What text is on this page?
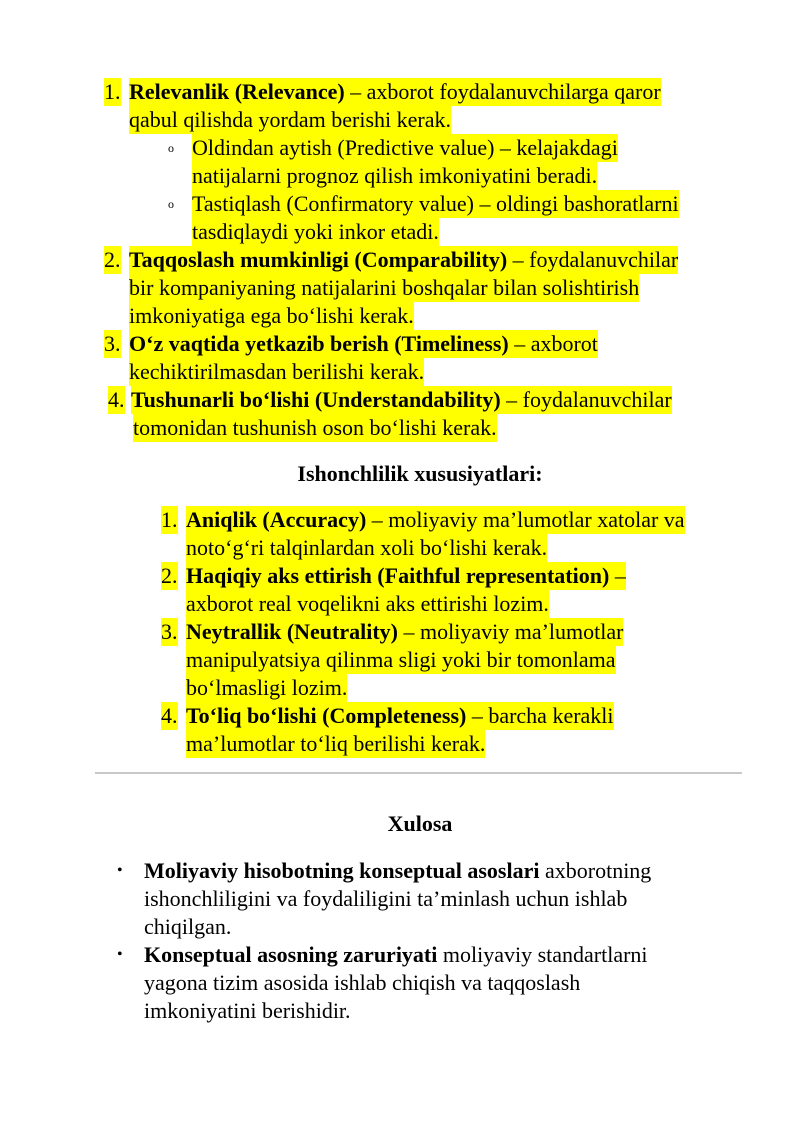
1. Relevanlik (Relevance) – axborot foydalanuvchilarga qaror
qabul qilishda yordam berishi kerak.
o Oldindan aytish (Predictive value) – kelajakdagi
natijalarni prognoz qilish imkoniyatini beradi.
o Tastiqlash (Confirmatory value) – oldingi bashoratlarni
tasdiqlaydi yoki inkor etadi.
2. Taqqoslash mumkinligi (Comparability) – foydalanuvchilar
bir kompaniyaning natijalarini boshqalar bilan solishtirish
imkoniyatiga ega bo‘lishi kerak.
3. O‘z vaqtida yetkazib berish (Timeliness) – axborot
kechiktirilmasdan berilishi kerak.
4. Tushunarli bo‘lishi (Understandability) – foydalanuvchilar
tomonidan tushunish oson bo‘lishi kerak.
Ishonchlilik xususiyatlari:
1. Aniqlik (Accuracy) – moliyaviy ma’lumotlar xatolar va
noto‘g‘ri talqinlardan xoli bo‘lishi kerak.
2. Haqiqiy aks ettirish (Faithful representation) –
axborot real voqelikni aks ettirishi lozim.
3. Neytrallik (Neutrality) – moliyaviy ma’lumotlar
manipulyatsiya qilinma sligi yoki bir tomonlama
bo‘lmasligi lozim.
4. To‘liq bo‘lishi (Completeness) – barcha kerakli
ma’lumotlar to‘liq berilishi kerak.
Xulosa
• Moliyaviy hisobotning konseptual asoslari axborotning
ishonchliligini va foydaliligini ta’minlash uchun ishlab
chiqilgan.
• Konseptual asosning zaruriyati moliyaviy standartlarni
yagona tizim asosida ishlab chiqish va taqqoslash
imkoniyatini berishidir.
